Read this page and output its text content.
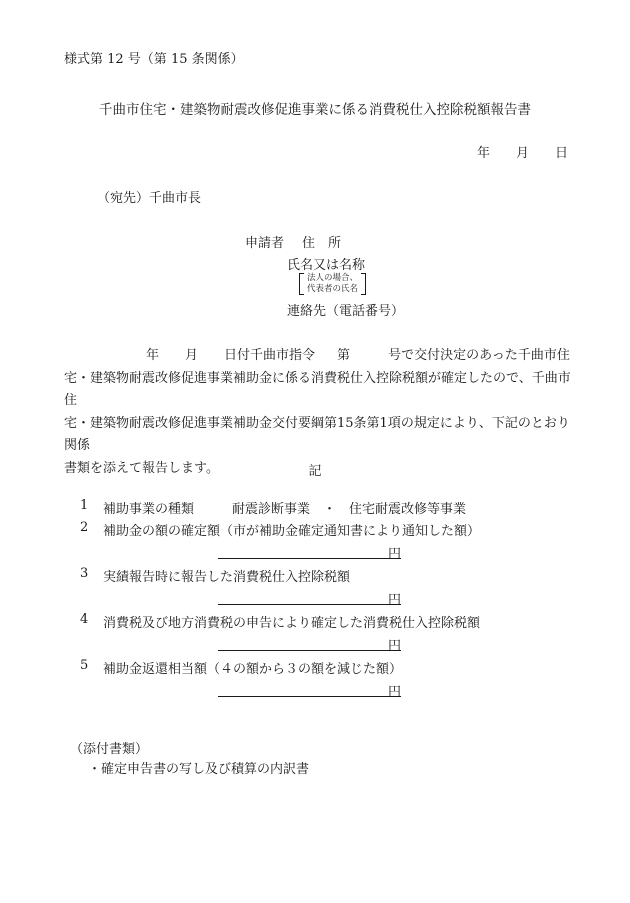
様式第 12 号（第 15 条関係）
千曲市住宅・建築物耐震改修促進事業に係る消費税仕入控除税額報告書
年 月 日
（宛先）千曲市長
申請者 住　所
氏名又は名称
法人の場合、
代表者の氏名
連絡先（電話番号）
年 月 日付千曲市指令 第	号で交付決定のあった千曲市住
宅・建築物耐震改修促進事業補助金に係る消費税仕入控除税額が確定したので、千曲市住
宅・建築物耐震改修促進事業補助金交付要綱第15条第1項の規定により、下記のとおり関係
書類を添えて報告します。	記
1 補助事業の種類	耐震診断事業　・　住宅耐震改修等事業
2 補助金の額の確定額（市が補助金確定通知書により通知した額）
円
3 実績報告時に報告した消費税仕入控除税額
円
4 消費税及び地方消費税の申告により確定した消費税仕入控除税額
円
5 補助金返還相当額（４の額から３の額を減じた額）
円
（添付書類）
・確定申告書の写し及び積算の内訳書
